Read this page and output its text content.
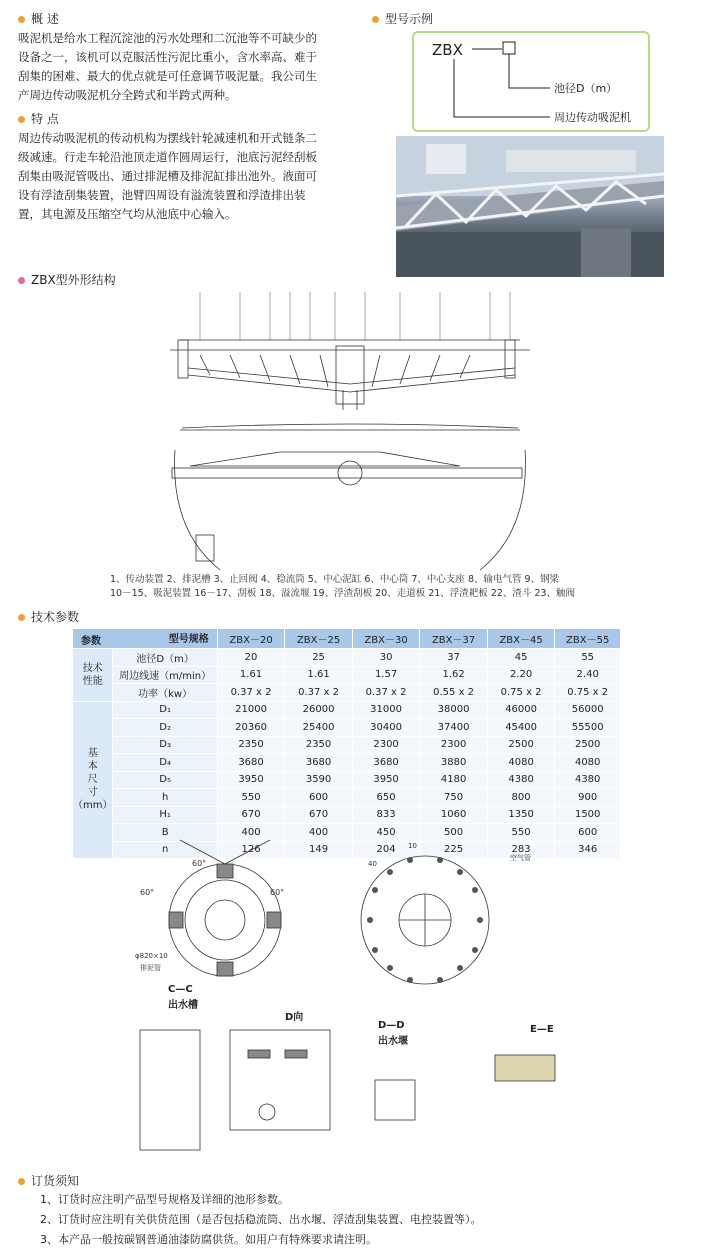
概 述
吸泥机是给水工程沉淀池的污水处理和二沉池等不可缺少的
设备之一，该机可以克服活性污泥比重小，含水率高、难于
刮集的困难、最大的优点就是可任意调节吸泥量。我公司生
产周边传动吸泥机分全跨式和半跨式两种。
特 点
周边传动吸泥机的传动机构为摆线针轮减速机和开式链条二
级减速。行走车轮沿池顶走道作圆周运行，池底污泥经刮板
刮集由吸泥管吸出、通过排泥槽及排泥缸排出池外。液面可
设有浮渣刮集装置，池臂四周设有溢流装置和浮渣排出装
置，其电源及压缩空气均从池底中心输入。
型号示例
ZBX
池径D（m）
周边传动吸泥机
ZBX型外形结构
1、传动装置 2、排泥槽 3、止回阀 4、稳流筒 5、中心泥缸 6、中心筒 7、中心支座 8、输电气管 9、钢梁
10－15、吸泥装置 16－17、刮板 18、溢流堰 19、浮渣刮板 20、走道板 21、浮渣耙板 22、渣斗 23、触阀
技术参数
型号规格
参数		ZBX－20	ZBX－25	ZBX－30	ZBX－37	ZBX－45	ZBX－55
技术
性能	池径D（m）	20	25	30	37	45	55
	周边线速（m/min）	1.61	1.61	1.57	1.62	2.20	2.40
	功率（kw）	0.37 x 2	0.37 x 2	0.37 x 2	0.55 x 2	0.75 x 2	0.75 x 2
基
本
尺
寸
（mm）	D₁	21000	26000	31000	38000	46000	56000
	D₂	20360	25400	30400	37400	45400	55500
	D₃	2350	2350	2300	2300	2500	2500
	D₄	3680	3680	3680	3880	4080	4080
	D₅	3950	3590	3950	4180	4380	4380
	h	550	600	650	750	800	900
	H₁	670	670	833	1060	1350	1500
	B	400	400	450	500	550	600
	n	126	149	204	225	283	346
60°
60°	60°
φ820×10
排泥管
空气管
40
10
C—C
出水槽
D向
D—D
出水堰
E—E
订货须知
1、订货时应注明产品型号规格及详细的池形参数。
2、订货时应注明有关供货范围（是否包括稳流筒、出水堰、浮渣刮集装置、电控装置等）。
3、本产品一般按碳钢普通油漆防腐供货。如用户有特殊要求请注明。
